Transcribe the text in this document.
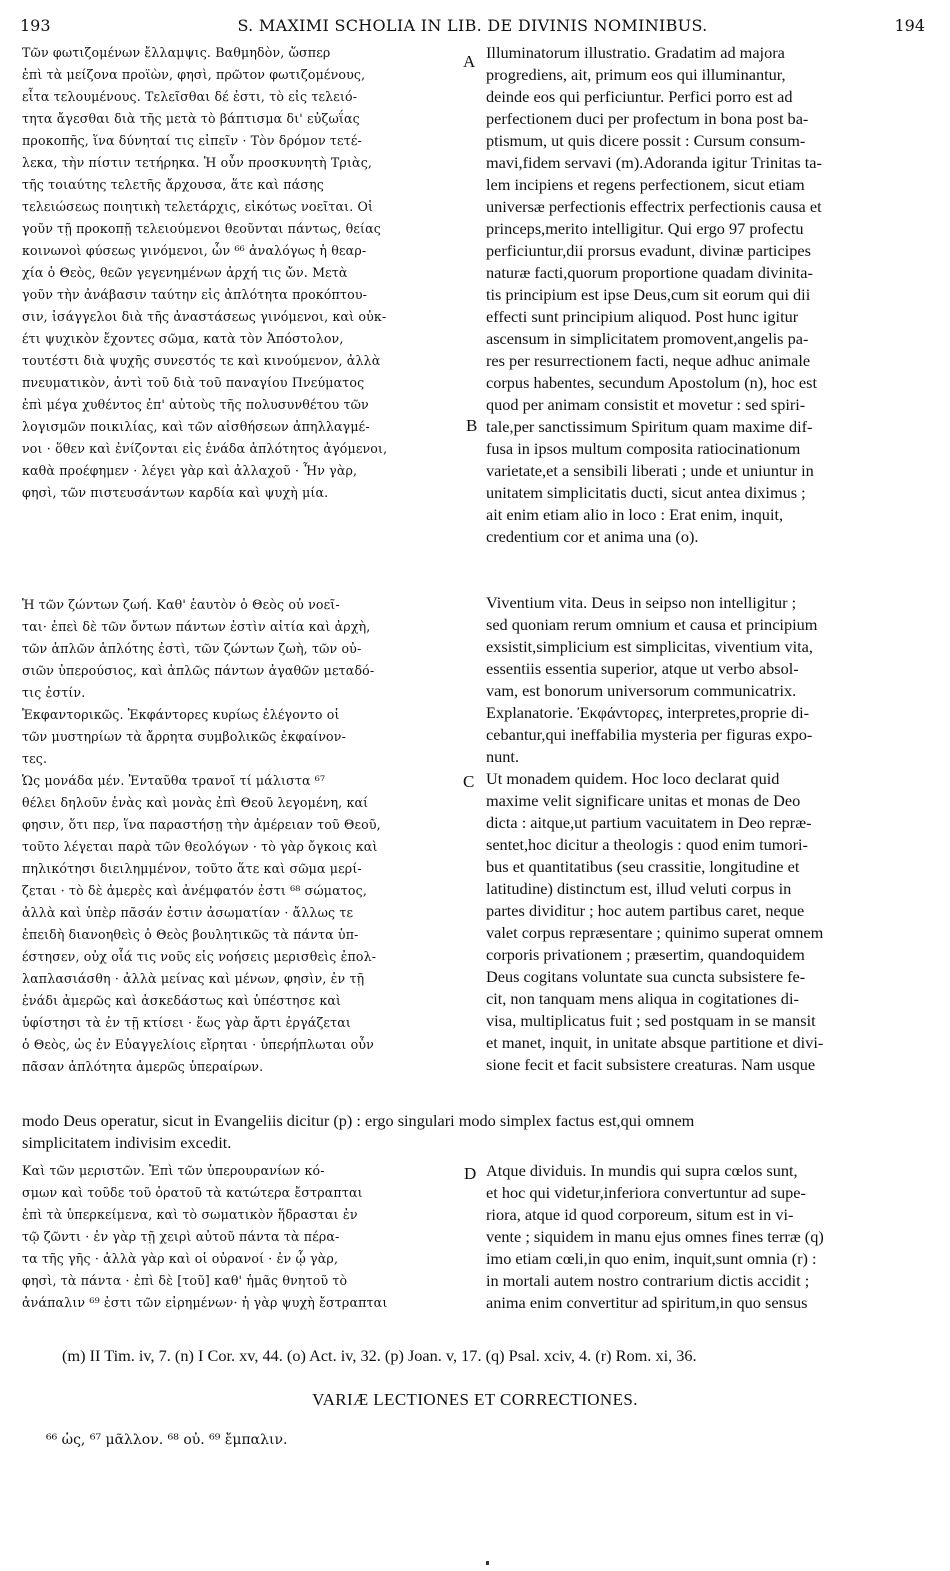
193	S. MAXIMI SCHOLIA IN LIB. DE DIVINIS NOMINIBUS.	194
Τῶν φωτιζομένων ἔλλαμψις. Βαθμηδὸν, ὥσπερ
ἐπὶ τὰ μείζονα προϊὼν, φησὶ, πρῶτον φωτιζομένους,
εἶτα τελουμένους. Τελεῖσθαι δέ ἐστι, τὸ εἰς τελειό-
τητα ἄγεσθαι διὰ τῆς μετὰ τὸ βάπτισμα δι' εὐζωΐας
προκοπῆς, ἵνα δύνηταί τις εἰπεῖν · Τὸν δρόμον τετέ-
λεκα, τὴν πίστιν τετήρηκα. Ἡ οὖν προσκυνητὴ Τριὰς,
τῆς τοιαύτης τελετῆς ἄρχουσα, ἅτε καὶ πάσης
τελειώσεως ποιητικὴ τελετάρχις, εἰκότως νοεῖται. Οἱ
γοῦν τῇ προκοπῇ τελειούμενοι θεοῦνται πάντως, θείας
κοινωνοὶ φύσεως γινόμενοι, ὧν ⁶⁶ ἀναλόγως ἡ θεαρ-
χία ὁ Θεὸς, θεῶν γεγενημένων ἀρχή τις ὤν. Μετὰ
γοῦν τὴν ἀνάβασιν ταύτην εἰς ἁπλότητα προκόπτου-
σιν, ἰσάγγελοι διὰ τῆς ἀναστάσεως γινόμενοι, καὶ οὐκ-
έτι ψυχικὸν ἔχοντες σῶμα, κατὰ τὸν Ἀπόστολον,
τουτέστι διὰ ψυχῆς συνεστός τε καὶ κινούμενον, ἀλλὰ
πνευματικὸν, ἀντὶ τοῦ διὰ τοῦ παναγίου Πνεύματος
ἐπὶ μέγα χυθέντος ἐπ' αὐτοὺς τῆς πολυσυνθέτου τῶν
λογισμῶν ποικιλίας, καὶ τῶν αἰσθήσεων ἀπηλλαγμέ-
νοι · ὅθεν καὶ ἐνίζονται εἰς ἑνάδα ἁπλότητος ἀγόμενοι,
καθὰ προέφημεν · λέγει γὰρ καὶ ἀλλαχοῦ · Ἦν γὰρ,
φησὶ, τῶν πιστευσάντων καρδία καὶ ψυχὴ μία.
Illuminatorum illustratio. Gradatim ad majora
progrediens, ait, primum eos qui illuminantur,
deinde eos qui perficiuntur. Perfici porro est ad
perfectionem duci per profectum in bona post ba-
ptismum, ut quis dicere possit : Cursum consum-
mavi,fidem servavi (m).Adoranda igitur Trinitas ta-
lem incipiens et regens perfectionem, sicut etiam
universæ perfectionis effectrix perfectionis causa et
princeps,merito intelligitur. Qui ergo 97 profectu
perficiuntur,dii prorsus evadunt, divinæ participes
naturæ facti,quorum proportione quadam divinita-
tis principium est ipse Deus,cum sit eorum qui dii
effecti sunt principium aliquod. Post hunc igitur
ascensum in simplicitatem promovent,angelis pa-
res per resurrectionem facti, neque adhuc animale
corpus habentes, secundum Apostolum (n), hoc est
quod per animam consistit et movetur : sed spiri-
tale,per sanctissimum Spiritum quam maxime dif-
fusa in ipsos multum composita ratiocinationum
varietate,et a sensibili liberati ; unde et uniuntur in
unitatem simplicitatis ducti, sicut antea diximus ;
ait enim etiam alio in loco : Erat enim, inquit,
credentium cor et anima una (o).
Ἡ τῶν ζώντων ζωή. Καθ' ἑαυτὸν ὁ Θεὸς οὐ νοεῖ-
ται· ἐπεὶ δὲ τῶν ὄντων πάντων ἐστὶν αἰτία καὶ ἀρχὴ,
τῶν ἁπλῶν ἁπλότης ἐστὶ, τῶν ζώντων ζωὴ, τῶν οὐ-
σιῶν ὑπερούσιος, καὶ ἁπλῶς πάντων ἀγαθῶν μεταδό-
τις ἐστίν.
Ἐκφαντορικῶς. Ἐκφάντορες κυρίως ἐλέγοντο οἱ
τῶν μυστηρίων τὰ ἄρρητα συμβολικῶς ἐκφαίνον-
τες.
Ὡς μονάδα μέν. Ἐνταῦθα τρανοῖ τί μάλιστα ⁶⁷
θέλει δηλοῦν ἑνὰς καὶ μονὰς ἐπὶ Θεοῦ λεγομένη, καί
φησιν, ὅτι περ, ἵνα παραστήσῃ τὴν ἀμέρειαν τοῦ Θεοῦ,
τοῦτο λέγεται παρὰ τῶν θεολόγων · τὸ γὰρ ὄγκοις καὶ
πηλικότησι διειλημμένον, τοῦτο ἅτε καὶ σῶμα μερί-
ζεται · τὸ δὲ ἀμερὲς καὶ ἀνέμφατόν ἐστι ⁶⁸ σώματος,
ἀλλὰ καὶ ὑπὲρ πᾶσάν ἐστιν ἀσωματίαν · ἄλλως τε
ἐπειδὴ διανοηθεὶς ὁ Θεὸς βουλητικῶς τὰ πάντα ὑπ-
έστησεν, οὐχ οἷά τις νοῦς εἰς νοήσεις μερισθεὶς ἐπολ-
λαπλασιάσθη · ἀλλὰ μείνας καὶ μένων, φησὶν, ἐν τῇ
ἑνάδι ἀμερῶς καὶ ἀσκεδάστως καὶ ὑπέστησε καὶ
ὑφίστησι τὰ ἐν τῇ κτίσει · ἕως γὰρ ἄρτι ἐργάζεται
ὁ Θεὸς, ὡς ἐν Εὐαγγελίοις εἴρηται · ὑπερήπλωται οὖν
πᾶσαν ἁπλότητα ἀμερῶς ὑπεραίρων.
Viventium vita. Deus in seipso non intelligitur ;
sed quoniam rerum omnium et causa et principium
exsistit,simplicium est simplicitas, viventium vita,
essentiis essentia superior, atque ut verbo absol-
vam, est bonorum universorum communicatrix.
Explanatorie. Ἐκφάντορες, interpretes,proprie di-
cebantur,qui ineffabilia mysteria per figuras expo-
nunt.
Ut monadem quidem. Hoc loco declarat quid
maxime velit significare unitas et monas de Deo
dicta : aitque,ut partium vacuitatem in Deo repræ-
sentet,hoc dicitur a theologis : quod enim tumori-
bus et quantitatibus (seu crassitie, longitudine et
latitudine) distinctum est, illud veluti corpus in
partes dividitur ; hoc autem partibus caret, neque
valet corpus repræsentare ; quinimo superat omnem
corporis privationem ; præsertim, quandoquidem
Deus cogitans voluntate sua cuncta subsistere fe-
cit, non tanquam mens aliqua in cogitationes di-
visa, multiplicatus fuit ; sed postquam in se mansit
et manet, inquit, in unitate absque partitione et divi-
sione fecit et facit subsistere creaturas. Nam usque
modo Deus operatur, sicut in Evangeliis dicitur (p) : ergo singulari modo simplex factus est,qui omnem
simplicitatem indivisim excedit.
Καὶ τῶν μεριστῶν. Ἐπὶ τῶν ὑπερουρανίων κό-
σμων καὶ τοῦδε τοῦ ὁρατοῦ τὰ κατώτερα ἔστραπται
ἐπὶ τὰ ὑπερκείμενα, καὶ τὸ σωματικὸν ἥδρασται ἐν
τῷ ζῶντι · ἐν γὰρ τῇ χειρὶ αὐτοῦ πάντα τὰ πέρα-
τα τῆς γῆς · ἀλλὰ γὰρ καὶ οἱ οὐρανοί · ἐν ᾧ γὰρ,
φησὶ, τὰ πάντα · ἐπὶ δὲ [τοῦ] καθ' ἡμᾶς θνητοῦ τὸ
ἀνάπαλιν ⁶⁹ ἐστι τῶν εἰρημένων· ἡ γὰρ ψυχὴ ἔστραπται
Atque dividuis. In mundis qui supra cœlos sunt,
et hoc qui videtur,inferiora convertuntur ad supe-
riora, atque id quod corporeum, situm est in vi-
vente ; siquidem in manu ejus omnes fines terræ (q)
imo etiam cœli,in quo enim, inquit,sunt omnia (r) :
in mortali autem nostro contrarium dictis accidit ;
anima enim convertitur ad spiritum,in quo sensus
A
B
C
D
(m) II Tim. iv, 7. (n) I Cor. xv, 44. (o) Act. iv, 32. (p) Joan. v, 17. (q) Psal. xciv, 4. (r) Rom. xi, 36.
VARIÆ LECTIONES ET CORRECTIONES.
⁶⁶ ὡς, ⁶⁷ μᾶλλον. ⁶⁸ οὐ. ⁶⁹ ἔμπαλιν.
